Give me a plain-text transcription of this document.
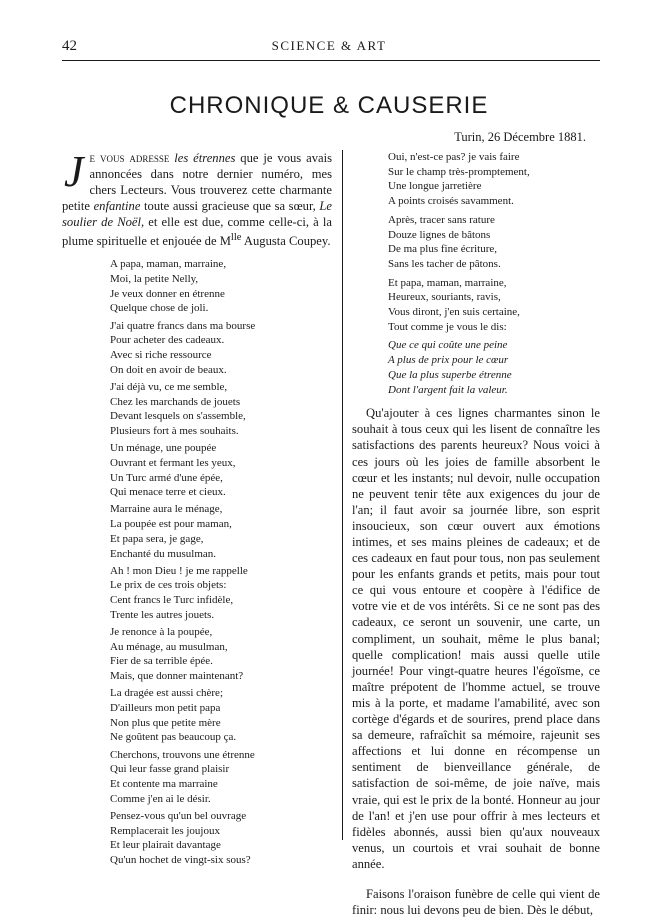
42	SCIENCE & ART
CHRONIQUE & CAUSERIE
Turin, 26 Décembre 1881.

Je vous adresse les étrennes que je vous avais annoncées dans notre dernier numéro, mes chers Lecteurs. Vous trouverez cette charmante petite enfantine toute aussi gracieuse que sa sœur, Le soulier de Noël, et elle est due, comme celle-ci, à la plume spirituelle et enjouée de $M^{lle}$ Augusta Coupey.

A papa, maman, marraine,
Moi, la petite Nelly,
Je veux donner en étrenne
Quelque chose de joli.
J'ai quatre francs dans ma bourse
Pour acheter des cadeaux.
Avec si riche ressource
On doit en avoir de beaux.
J'ai déjà vu, ce me semble,
Chez les marchands de jouets
Devant lesquels on s'assemble,
Plusieurs fort à mes souhaits.
Un ménage, une poupée
Ouvrant et fermant les yeux,
Un Turc armé d'une épée,
Qui menace terre et cieux.
Marraine aura le ménage,
La poupée est pour maman,
Et papa sera, je gage,
Enchanté du musulman.
Ah ! mon Dieu ! je me rappelle
Le prix de ces trois objets:
Cent francs le Turc infidèle,
Trente les autres jouets.
Je renonce à la poupée,
Au ménage, au musulman,
Fier de sa terrible épée.
Mais, que donner maintenant?
La dragée est aussi chère;
D'ailleurs mon petit papa
Non plus que petite mère
Ne goûtent pas beaucoup ça.
Cherchons, trouvons une étrenne
Qui leur fasse grand plaisir
Et contente ma marraine
Comme j'en ai le désir.
Pensez-vous qu'un bel ouvrage
Remplacerait les joujoux
Et leur plairait davantage
Qu'un hochet de vingt-six sous?
Oui, n'est-ce pas? je vais faire
Sur le champ très-promptement,
Une longue jarretière
A points croisés savamment.
Après, tracer sans rature
Douze lignes de bâtons
De ma plus fine écriture,
Sans les tacher de pâtons.
Et papa, maman, marraine,
Heureux, souriants, ravis,
Vous diront, j'en suis certaine,
Tout comme je vous le dis:
Que ce qui coûte une peine
A plus de prix pour le cœur
Que la plus superbe étrenne
Dont l'argent fait la valeur.

Qu'ajouter à ces lignes charmantes sinon le souhait à tous ceux qui les lisent de connaître les satisfactions des parents heureux? Nous voici à ces jours où les joies de famille absorbent le cœur et les instants; nul devoir, nulle occupation ne peuvent tenir tête aux exigences du jour de l'an; il faut avoir sa journée libre, son esprit insoucieux, son cœur ouvert aux émotions intimes, et ses mains pleines de cadeaux; et de ces cadeaux en faut pour tous, non pas seulement pour les enfants grands et petits, mais pour tout ce qui vous entoure et coopère à l'édifice de votre vie et de vos intérêts. Si ce ne sont pas des cadeaux, ce seront un souvenir, une carte, un compliment, un souhait, même le plus banal; quelle complication! mais aussi quelle utile journée! Pour vingt-quatre heures l'égoïsme, ce maître prépotent de l'homme actuel, se trouve mis à la porte, et madame l'amabilité, avec son cortège d'égards et de sourires, prend place dans sa demeure, rafraîchit sa mémoire, rajeunit ses affections et lui donne en récompense un sentiment de bienveillance générale, de satisfaction de soi-même, de joie naïve, mais vraie, qui est le prix de la bonté. Honneur au jour de l'an! et j'en use pour offrir à mes lecteurs et fidèles abonnés, aussi bien qu'aux nouveaux venus, un courtois et vrai souhait de bonne année.

Faisons l'oraison funèbre de celle qui vient de finir: nous lui devons peu de bien. Dès le début,
